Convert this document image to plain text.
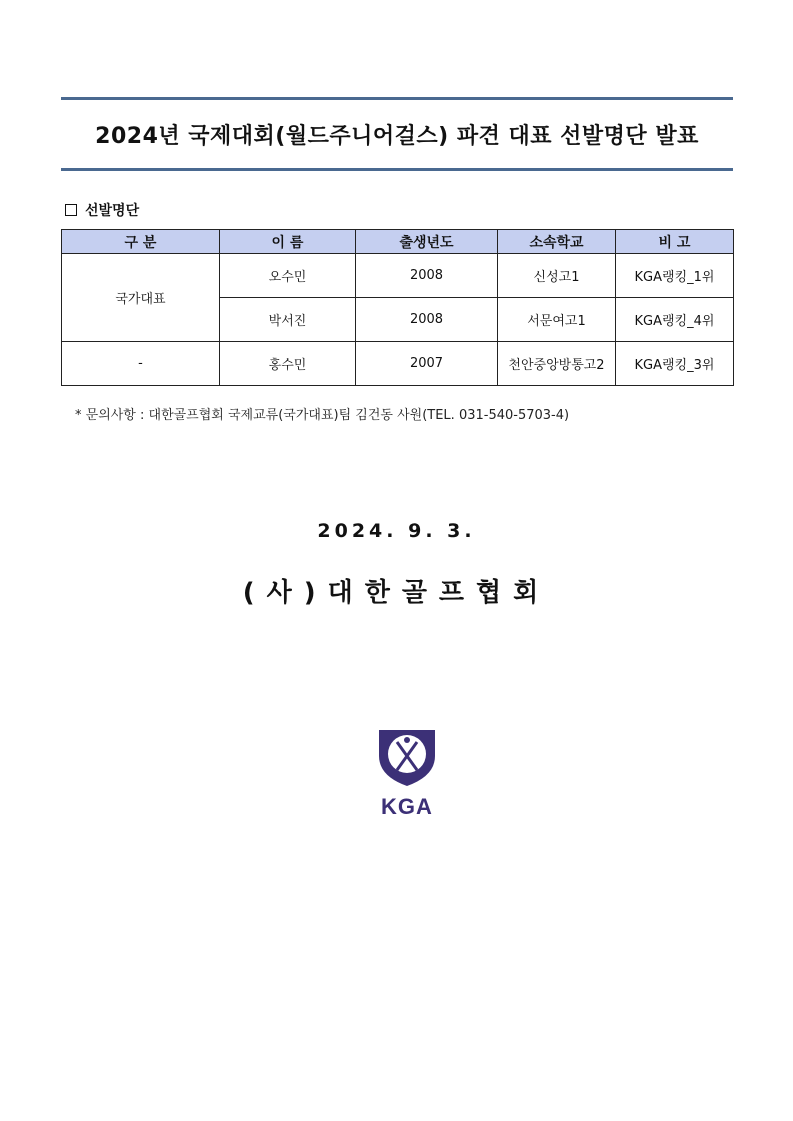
2024년 국제대회(월드주니어걸스) 파견 대표 선발명단 발표
선발명단
구 분	이 름	출생년도	소속학교	비 고
국가대표	오수민	2008	신성고1	KGA랭킹_1위
	박서진	2008	서문여고1	KGA랭킹_4위
-	홍수민	2007	천안중앙방통고2	KGA랭킹_3위
* 문의사항 : 대한골프협회 국제교류(국가대표)팀 김건동 사원(TEL. 031-540-5703-4)
2024. 9. 3.
(사)대한골프협회
KGA
